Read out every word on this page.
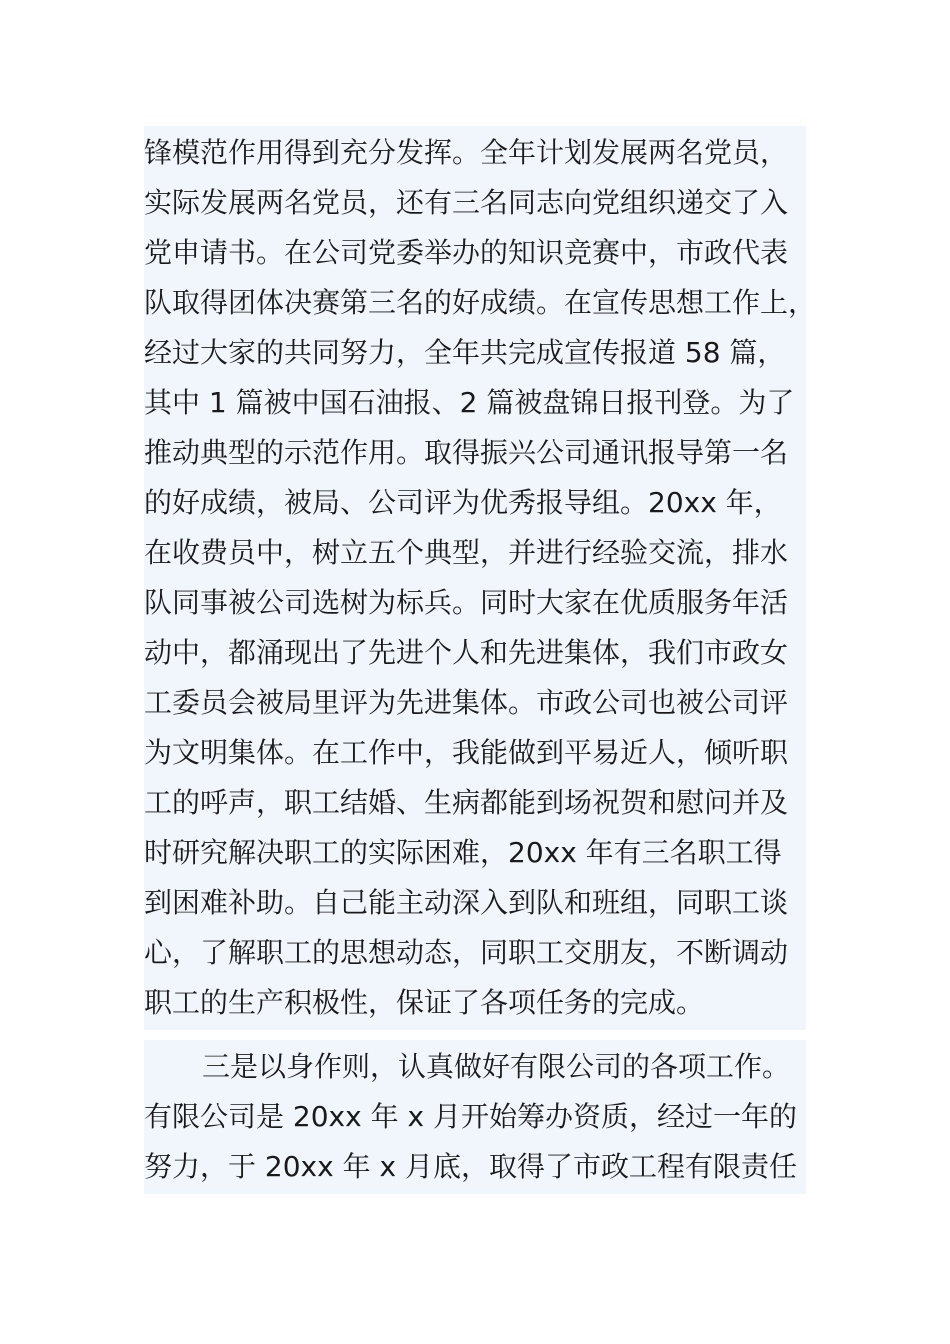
锋模范作用得到充分发挥。全年计划发展两名党员，
实际发展两名党员，还有三名同志向党组织递交了入
党申请书。在公司党委举办的知识竞赛中，市政代表
队取得团体决赛第三名的好成绩。在宣传思想工作上，
经过大家的共同努力，全年共完成宣传报道 58 篇，
其中 1 篇被中国石油报、2 篇被盘锦日报刊登。为了
推动典型的示范作用。取得振兴公司通讯报导第一名
的好成绩，被局、公司评为优秀报导组。20xx 年，
在收费员中，树立五个典型，并进行经验交流，排水
队同事被公司选树为标兵。同时大家在优质服务年活
动中，都涌现出了先进个人和先进集体，我们市政女
工委员会被局里评为先进集体。市政公司也被公司评
为文明集体。在工作中，我能做到平易近人，倾听职
工的呼声，职工结婚、生病都能到场祝贺和慰问并及
时研究解决职工的实际困难，20xx 年有三名职工得
到困难补助。自己能主动深入到队和班组，同职工谈
心，了解职工的思想动态，同职工交朋友，不断调动
职工的生产积极性，保证了各项任务的完成。
三是以身作则，认真做好有限公司的各项工作。
有限公司是 20xx 年 x 月开始筹办资质，经过一年的
努力，于 20xx 年 x 月底，取得了市政工程有限责任
